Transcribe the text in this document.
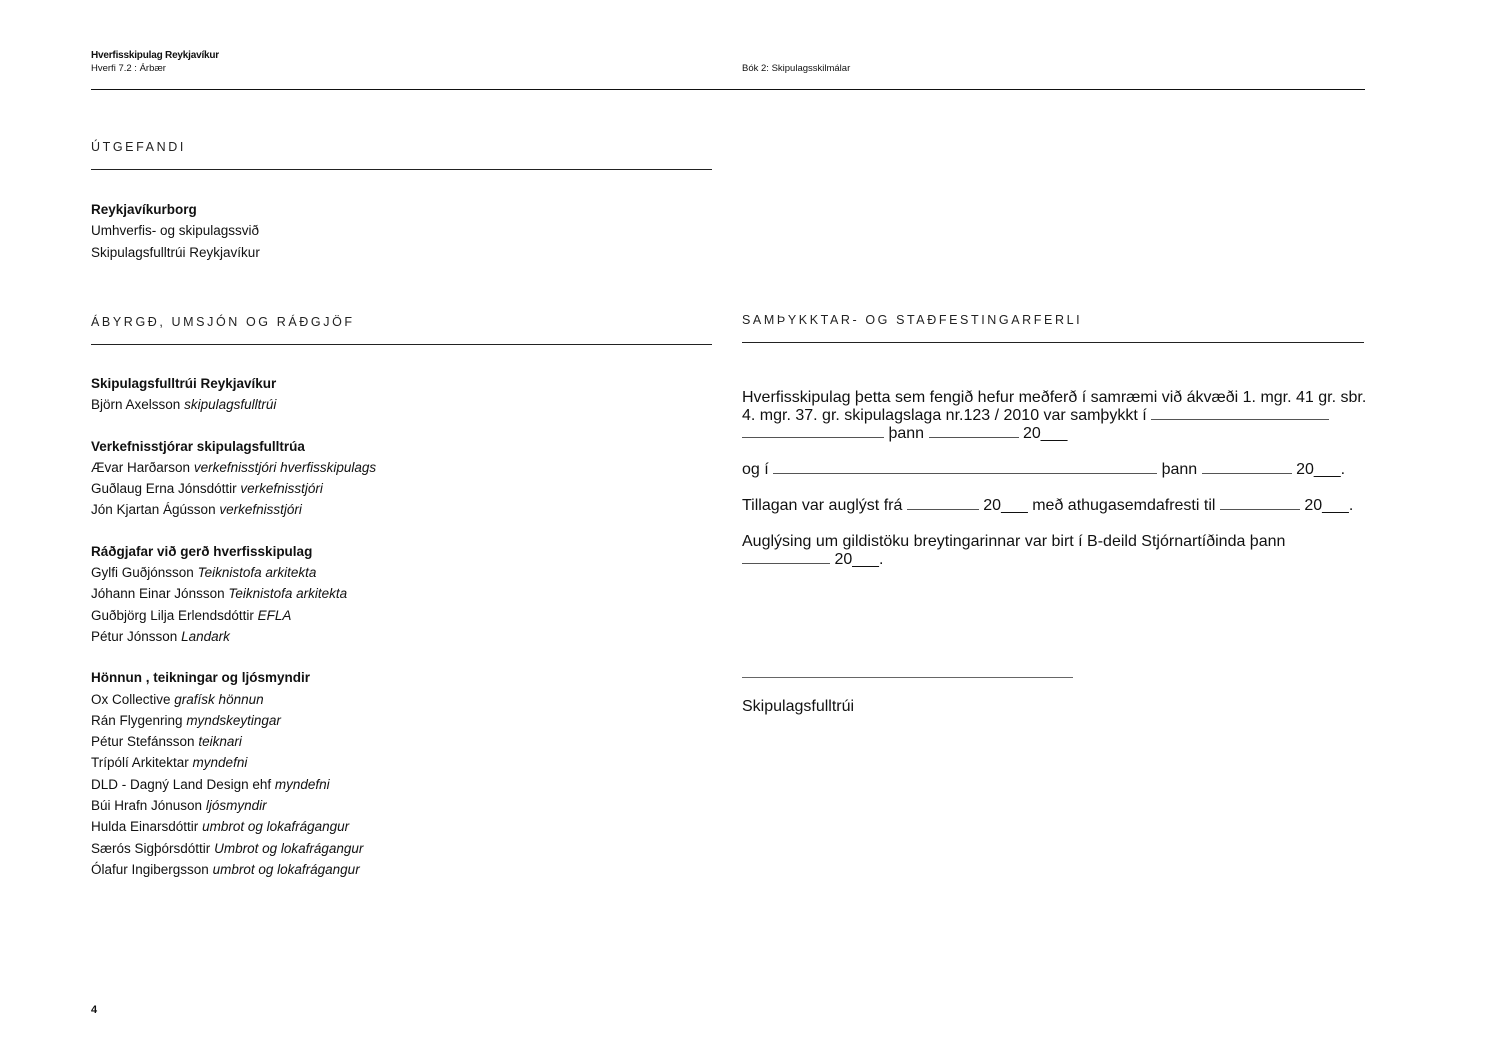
Hverfisskipulag Reykjavíkur
Hverfi 7.2 : Árbær	Bók 2: Skipulagsskilmálar
ÚTGEFANDI
Reykjavíkurborg
Umhverfis- og skipulagssvið
Skipulagsfulltrúi Reykjavíkur
ÁBYRGÐ, UMSJÓN OG RÁÐGJÖF
Skipulagsfulltrúi Reykjavíkur
Björn Axelsson skipulagsfulltrúi
Verkefnisstjórar skipulagsfulltrúa
Ævar Harðarson verkefnisstjóri hverfisskipulags
Guðlaug Erna Jónsdóttir verkefnisstjóri
Jón Kjartan Ágússon verkefnisstjóri
Ráðgjafar við gerð hverfisskipulag
Gylfi Guðjónsson Teiknistofa arkitekta
Jóhann Einar Jónsson Teiknistofa arkitekta
Guðbjörg Lilja Erlendsdóttir EFLA
Pétur Jónsson Landark
Hönnun , teikningar og ljósmyndir
Ox Collective grafísk hönnun
Rán Flygenring myndskeytingar
Pétur Stefánsson teiknari
Trípólí Arkitektar myndefni
DLD - Dagný Land Design ehf myndefni
Búi Hrafn Jónuson ljósmyndir
Hulda Einarsdóttir umbrot og lokafrágangur
Særós Sigþórsdóttir Umbrot og lokafrágangur
Ólafur Ingibergsson umbrot og lokafrágangur
SAMÞYKKTAR- OG STAÐFESTINGARFERLI

Hverfisskipulag þetta sem fengið hefur meðferð í samræmi við ákvæði 1. mgr. 41 gr. sbr. 4. mgr. 37. gr. skipulagslaga nr.123 / 2010 var samþykkt í   þann	20___

og í	þann	20___.

Tillagan var auglýst frá	20___ með athugasemdafresti til	20___.

Auglýsing um gildistöku breytingarinnar var birt í B-deild Stjórnartíðinda þann  20___.

Skipulagsfulltrúi
4
